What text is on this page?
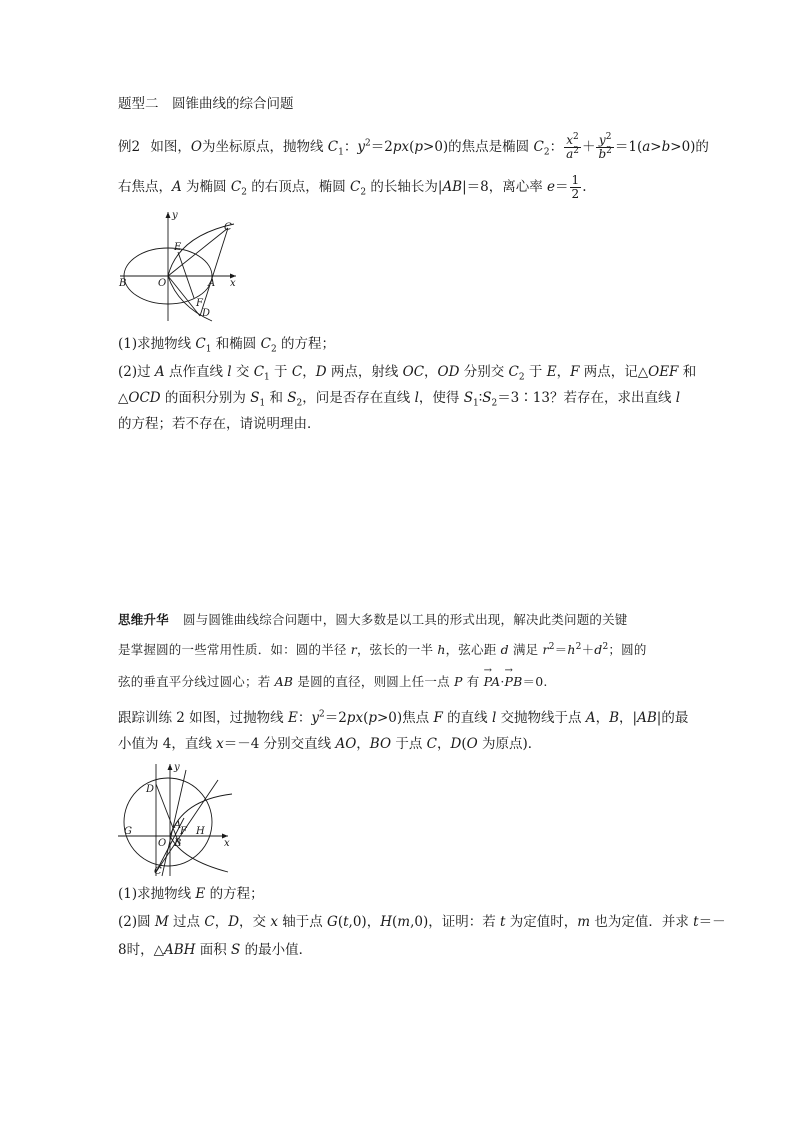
题型二　圆锥曲线的综合问题
例2 如图，O为坐标原点，抛物线 $C_1$：$y^2=2px(p>0)$的焦点是椭圆 $C_2$： $\frac{x^2}{a^2} + \frac{y^2}{b^2} =1(a>b>0)$的
右焦点，A 为椭圆 $C_2$ 的右顶点，椭圆 $C_2$ 的长轴长为|AB|＝8，离心率 $e= \frac{1}{2}$ .
y
x
B	O	A
E
F
C
D
(1)求抛物线 $C_1$ 和椭圆 $C_2$ 的方程；
(2)过 A 点作直线 l 交 $C_1$ 于 C，D 两点，射线 OC，OD 分别交 $C_2$ 于 E，F 两点，记△OEF 和
△OCD 的面积分别为 $S_1$ 和 $S_2$，问是否存在直线 l，使得 $S_1∶S_2=3∶13$？若存在，求出直线 l
的方程；若不存在，请说明理由．
思维升华 圆与圆锥曲线综合问题中，圆大多数是以工具的形式出现，解决此类问题的关键
是掌握圆的一些常用性质．如：圆的半径 r，弦长的一半 h，弦心距 d 满足 $r^2=h^2+d^2$；圆的
弦的垂直平分线过圆心；若 AB 是圆的直径，则圆上任一点 P 有 → PA·→ PB＝0.
跟踪训练 2 如图，过抛物线 E：$y^2=2px(p>0)$焦点 F 的直线 l 交抛物线于点 A，B，|AB|的最
小值为 4，直线 x＝－4 分别交直线 AO，BO 于点 C，D(O 为原点)．
y
x
D
A
G	F H
O B
C
(1)求抛物线 E 的方程；
(2)圆 M 过点 C，D，交 x 轴于点 G(t,0)，H(m,0)，证明：若 t 为定值时，m 也为定值．并求 t＝－
8时，△ABH 面积 S 的最小值．
